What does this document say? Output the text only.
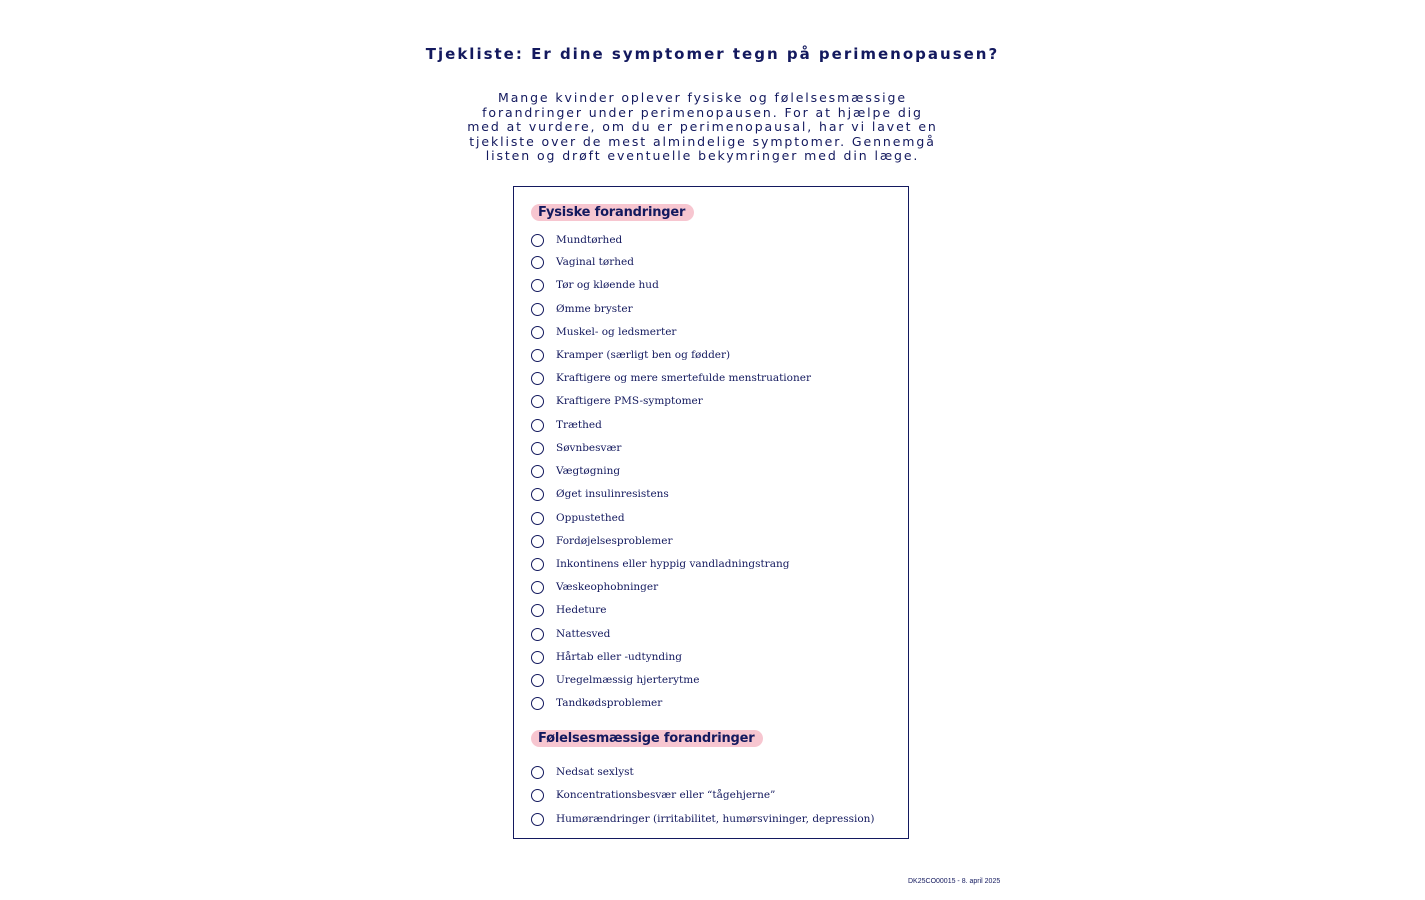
Tjekliste: Er dine symptomer tegn på perimenopausen?

Mange kvinder oplever fysiske og følelsesmæssige
forandringer under perimenopausen. For at hjælpe dig
med at vurdere, om du er perimenopausal, har vi lavet en
tjekliste over de mest almindelige symptomer. Gennemgå
listen og drøft eventuelle bekymringer med din læge.

Fysiske forandringer
Mundtørhed
Vaginal tørhed
Tør og kløende hud
Ømme bryster
Muskel- og ledsmerter
Kramper (særligt ben og fødder)
Kraftigere og mere smertefulde menstruationer
Kraftigere PMS-symptomer
Træthed
Søvnbesvær
Vægtøgning
Øget insulinresistens
Oppustethed
Fordøjelsesproblemer
Inkontinens eller hyppig vandladningstrang
Væskeophobninger
Hedeture
Nattesved
Hårtab eller -udtynding
Uregelmæssig hjerterytme
Tandkødsproblemer
Følelsesmæssige forandringer
Nedsat sexlyst
Koncentrationsbesvær eller “tågehjerne”
Humørændringer (irritabilitet, humørsvininger, depression)
DK25CO00015 - 8. april 2025
